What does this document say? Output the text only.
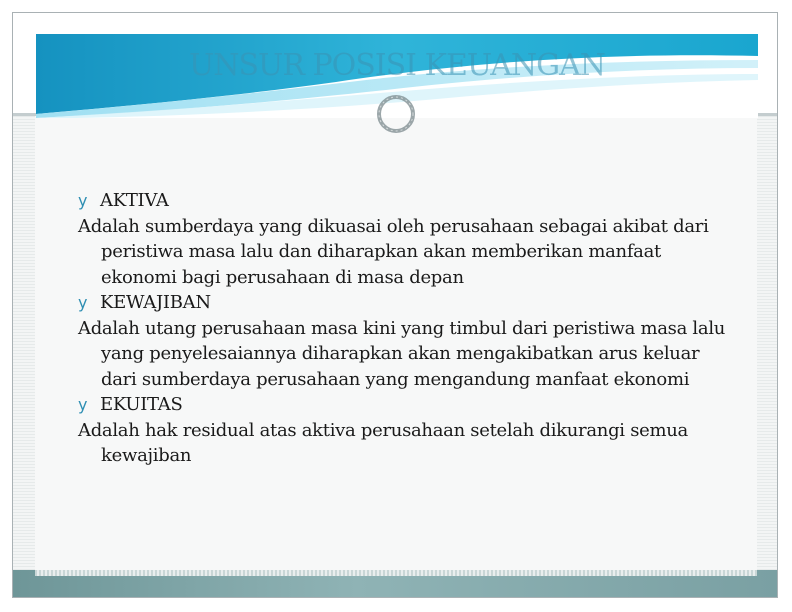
UNSUR POSISI KEUANGAN
y AKTIVA
Adalah sumberdaya yang dikuasai oleh perusahaan sebagai akibat dari peristiwa masa lalu dan diharapkan akan memberikan manfaat ekonomi bagi perusahaan di masa depan
y KEWAJIBAN
Adalah utang perusahaan masa kini yang timbul dari peristiwa masa lalu yang penyelesaiannya diharapkan akan mengakibatkan arus keluar dari sumberdaya perusahaan yang mengandung manfaat ekonomi
y EKUITAS
Adalah hak residual atas aktiva perusahaan setelah dikurangi semua kewajiban
